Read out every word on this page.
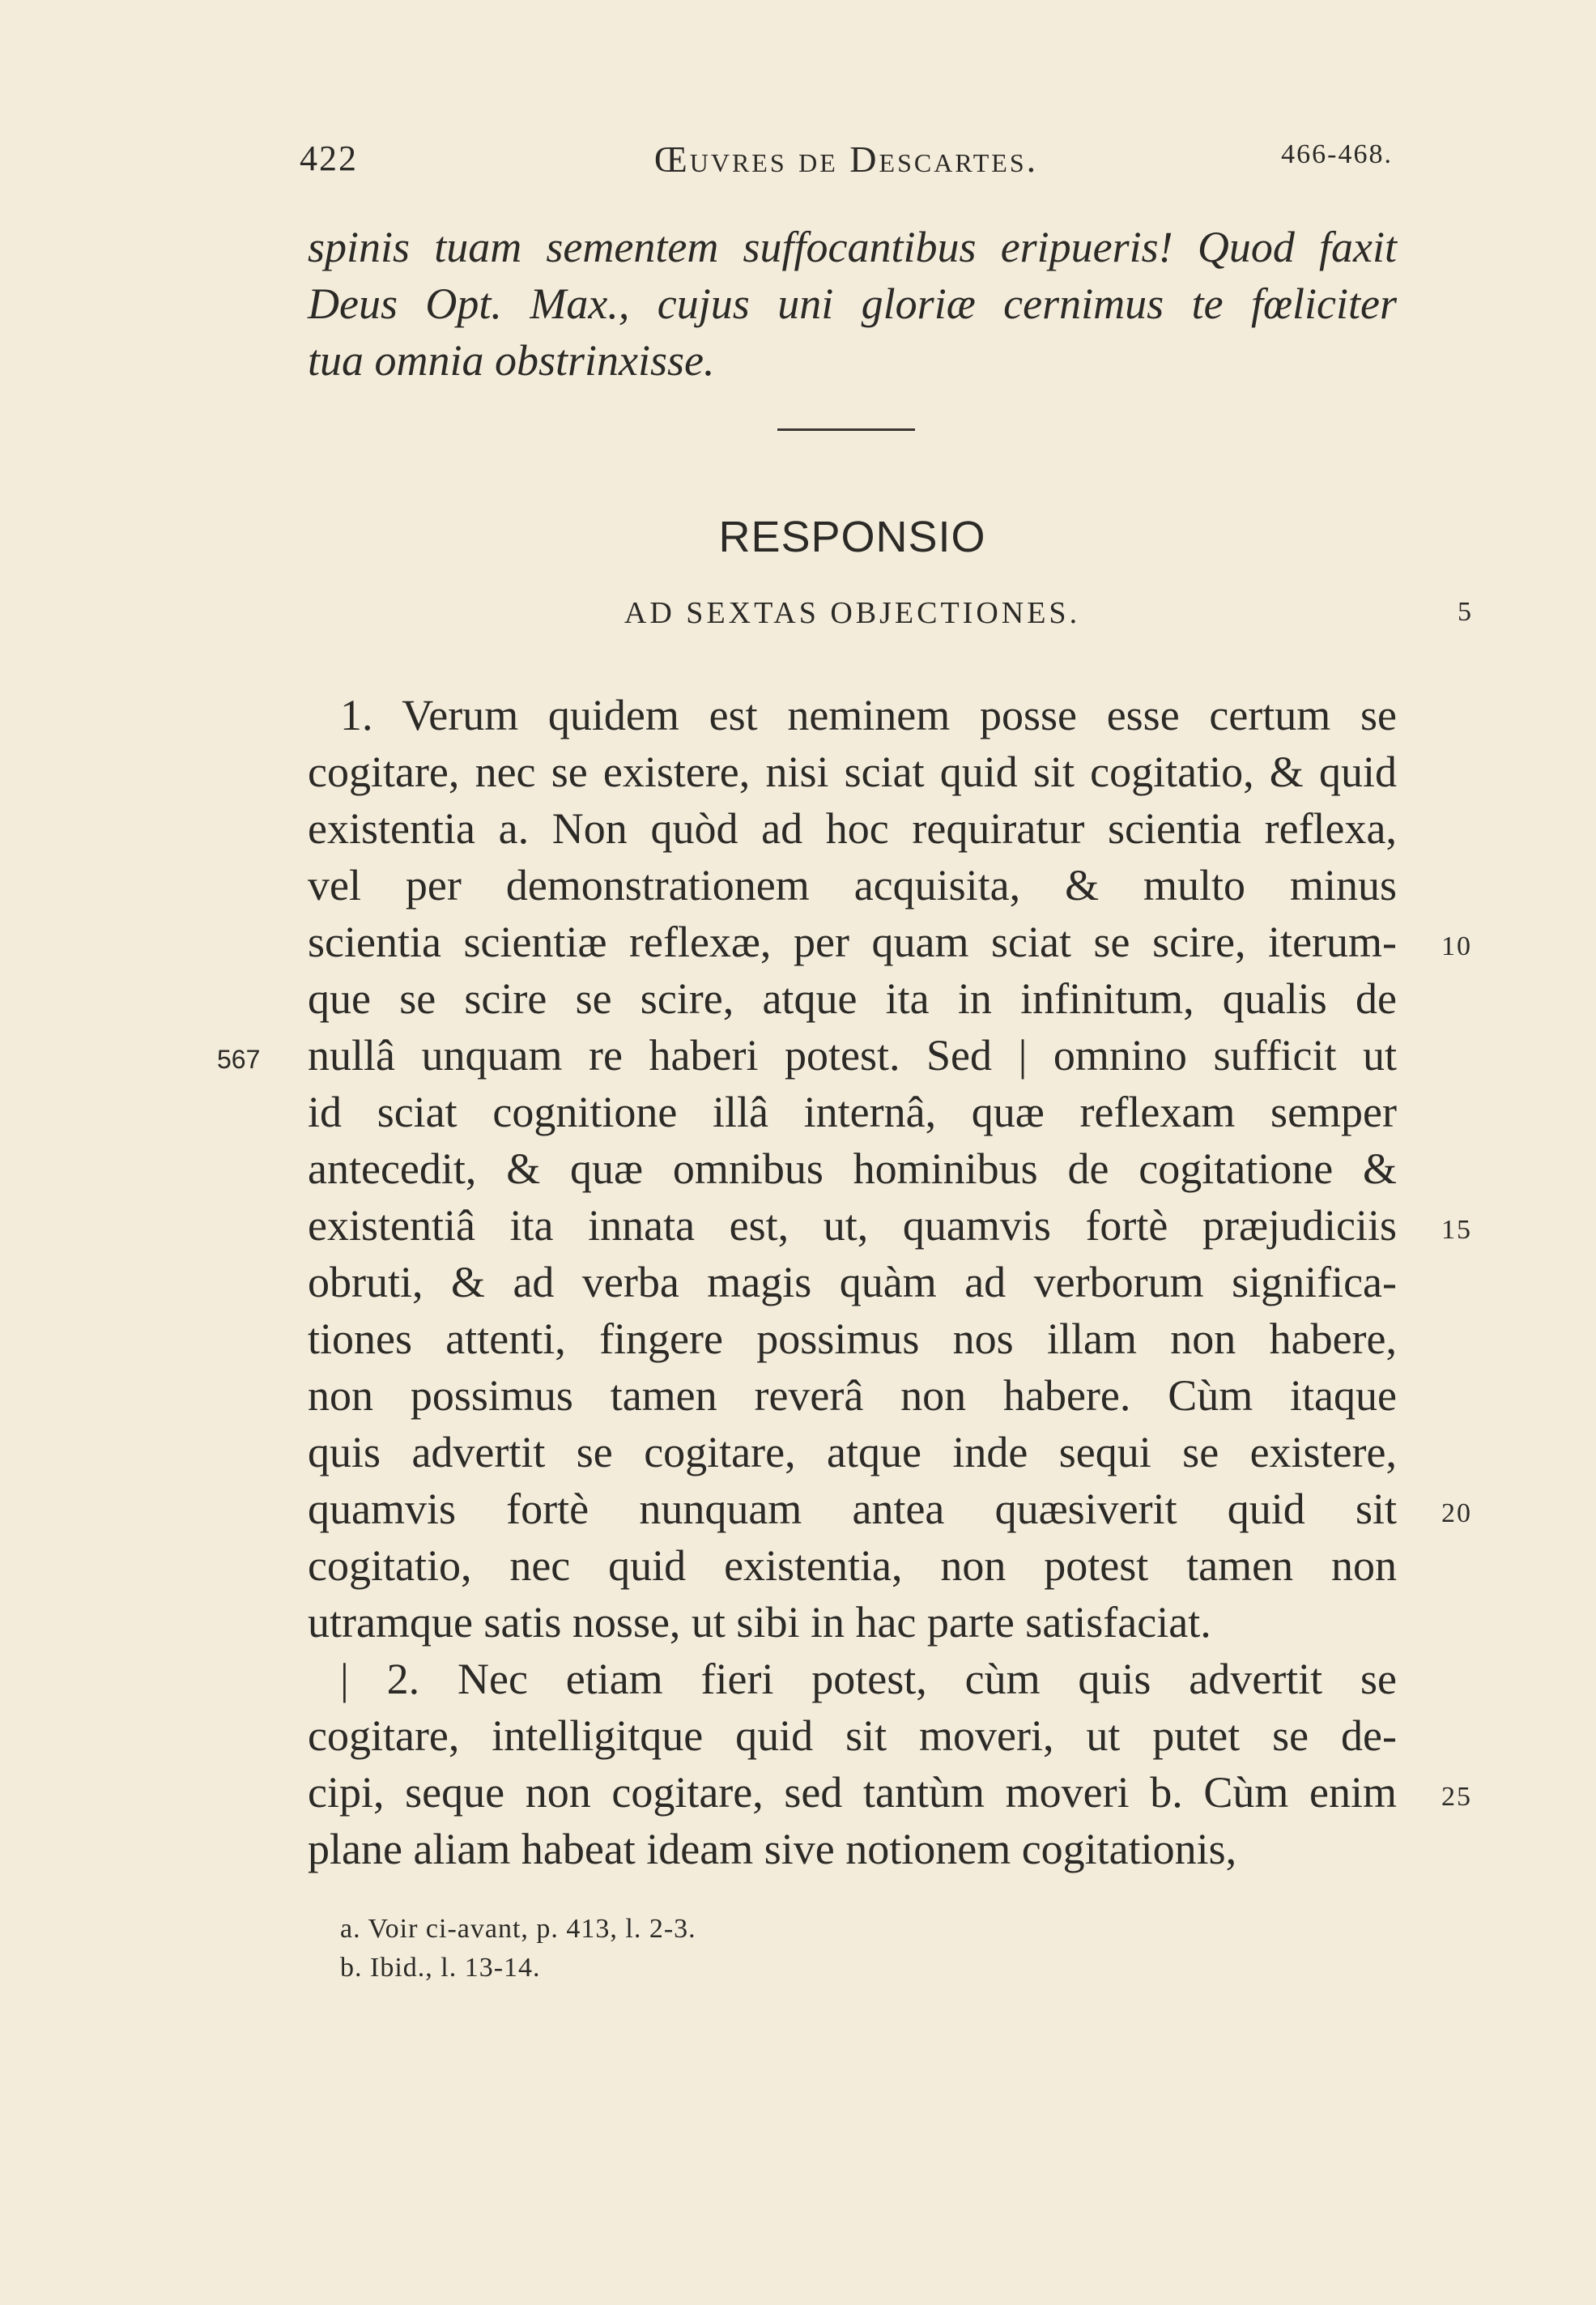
422	Œuvres de Descartes.	466-468.
spinis tuam sementem suffocantibus eripueris! Quod faxit
Deus Opt. Max., cujus uni gloriæ cernimus te fœliciter
tua omnia obstrinxisse.
RESPONSIO
AD SEXTAS OBJECTIONES.	5
1. Verum quidem est neminem posse esse certum se
cogitare, nec se existere, nisi sciat quid sit cogitatio, & quid
existentia a. Non quòd ad hoc requiratur scientia reflexa,
vel per demonstrationem acquisita, & multo minus
scientia scientiæ reflexæ, per quam sciat se scire, iterum-
que se scire se scire, atque ita in infinitum, qualis de
nullâ unquam re haberi potest. Sed | omnino sufficit ut
id sciat cognitione illâ internâ, quæ reflexam semper
antecedit, & quæ omnibus hominibus de cogitatione &
existentiâ ita innata est, ut, quamvis fortè præjudiciis
obruti, & ad verba magis quàm ad verborum significa-
tiones attenti, fingere possimus nos illam non habere,
non possimus tamen reverâ non habere. Cùm itaque
quis advertit se cogitare, atque inde sequi se existere,
quamvis fortè nunquam antea quæsiverit quid sit
cogitatio, nec quid existentia, non potest tamen non
utramque satis nosse, ut sibi in hac parte satisfaciat.
| 2. Nec etiam fieri potest, cùm quis advertit se
cogitare, intelligitque quid sit moveri, ut putet se de-
cipi, seque non cogitare, sed tantùm moveri b. Cùm enim
plane aliam habeat ideam sive notionem cogitationis,
10
15
20
25
567
a. Voir ci-avant, p. 413, l. 2-3.
b. Ibid., l. 13-14.
